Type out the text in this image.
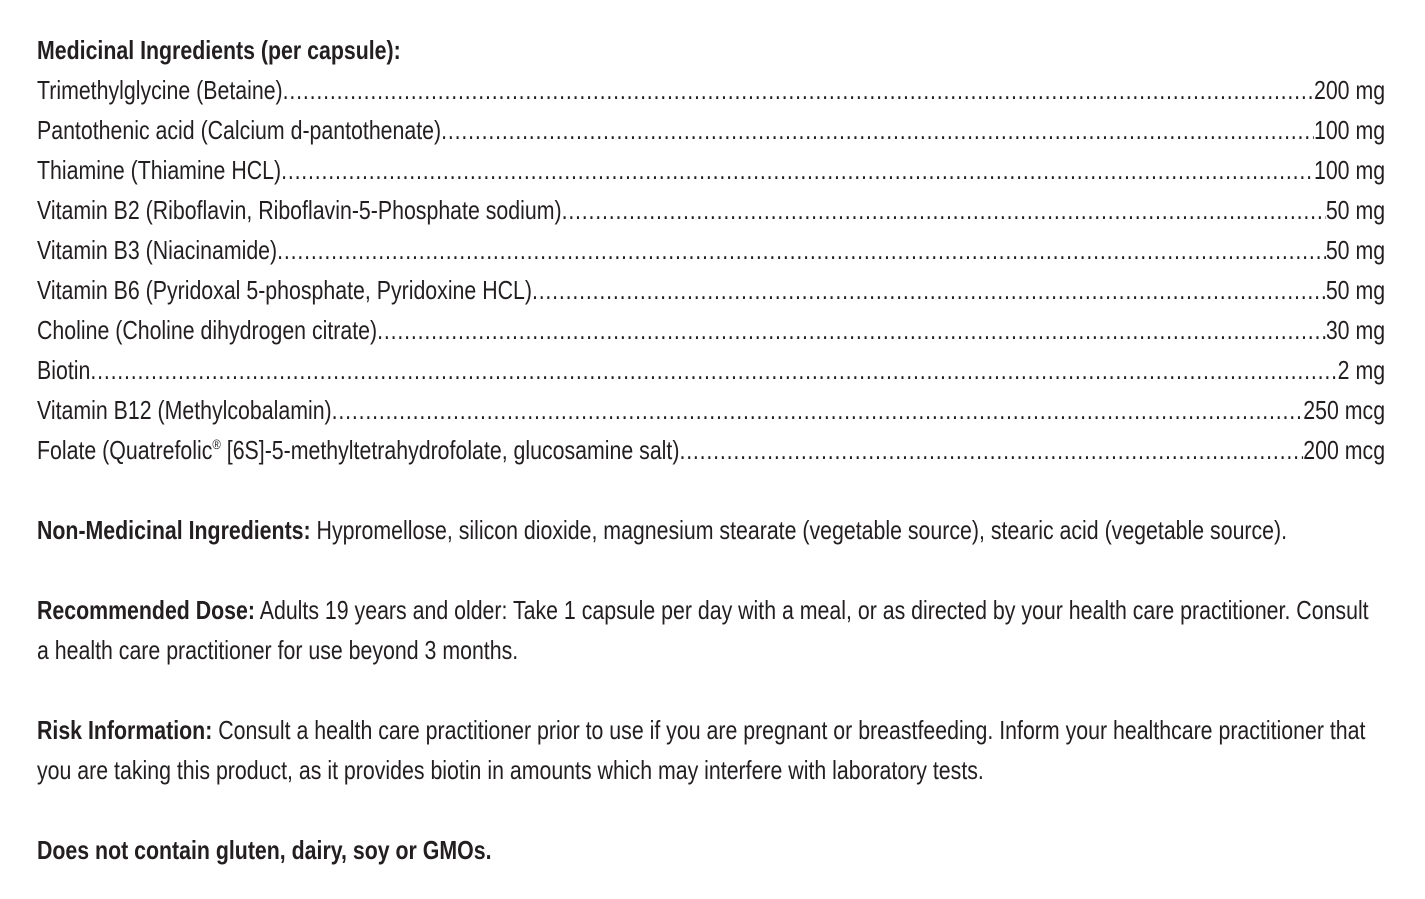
Medicinal Ingredients (per capsule):
Trimethylglycine (Betaine) .....	200 mg
Pantothenic acid (Calcium d-pantothenate) .....	100 mg
Thiamine (Thiamine HCL) .....	100 mg
Vitamin B2 (Riboflavin, Riboflavin-5-Phosphate sodium) .....	50 mg
Vitamin B3 (Niacinamide) .....	50 mg
Vitamin B6 (Pyridoxal 5-phosphate, Pyridoxine HCL) .....	50 mg
Choline (Choline dihydrogen citrate) .....	30 mg
Biotin .....	2 mg
Vitamin B12 (Methylcobalamin) .....	250 mcg
Folate (Quatrefolic® [6S]-5-methyltetrahydrofolate, glucosamine salt) .....	200 mcg
Non-Medicinal Ingredients: Hypromellose, silicon dioxide, magnesium stearate (vegetable source), stearic acid (vegetable source).
Recommended Dose: Adults 19 years and older: Take 1 capsule per day with a meal, or as directed by your health care practitioner. Consult a health care practitioner for use beyond 3 months.
Risk Information: Consult a health care practitioner prior to use if you are pregnant or breastfeeding. Inform your healthcare practitioner that you are taking this product, as it provides biotin in amounts which may interfere with laboratory tests.
Does not contain gluten, dairy, soy or GMOs.
